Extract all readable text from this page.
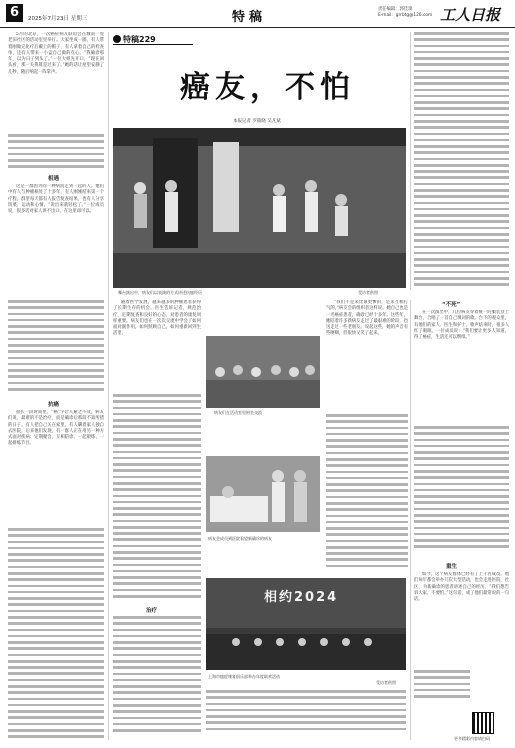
6	2025年7月23日 星期三	特稿
责任编辑：郭佳琦
E-mail：grrbtg@126.com 工人日报
5月的北京，一次癌症病友联谊会在城南一处老旧社区的活动室里举行。大家坐成一圈，有人带着刚做完化疗后戴上的帽子，有人拿着自己的检查单，还有人带来一小盒自己做的点心。“我确诊那年，以为日子到头了。”一位大姐先开口，“现在回头看，那一关我算是过来了。”她的话让屋里安静了几秒，随后响起一阵掌声。
相遇
这是一群因为同一种病而走到一起的人。他们中有人与肿瘤相处了十多年，有人刚刚结束第一个疗程。群里每天都有人报告复查结果，也有人分享饭菜、运动和心情。“说出来就轻松了。”一位成员说，很多话对家人讲不出口，在这里却可以。
抗癌
很长一段时间里，“癌”字让人避之不及。病友们说，最难的不是治疗，而是确诊后那段不知所措的日子。有人把自己关在家里，有人瞒着家人独自去医院。后来他们发现，有一群人正在用另一种方式面对疾病：定期聚会、互相陪诊、一起锻炼、一起排练节目。
特稿229
癌友，不怕
本报记者 罗筱晓 吴凡斌
舞台演出中，病友们以表演的方式讲述抗癌经历	受访者供图
随着医学发展，越来越多的肿瘤患者获得了长期生存的机会。医生告诉记者，规范治疗、定期复查和良好的心态，对患者的康复同样重要。病友们也在一次次交流中学会了如何面对副作用，如何照顾自己，如何重新回到生活里。
治疗
病友们在活动室里围坐交流
病友会成员到医院看望新确诊的病友
相约2024
上海市癌症康复俱乐部举办年度联欢活动
受访者供图
“我们不是来比谁更惨的，是来互相打气的。”病友会的组织者这样说。她自己也是一名癌症患者，确诊已经十多年。这些年，她陪着许多新病友走过了最艰难的阶段，也送走过一些老朋友。说起这些，她的声音有些哽咽，但很快又笑了起来。
“不死”
在一次演出中，几位病友穿着统一的服装登上舞台，合唱了一首自己填词的歌。台下的观众里，有他们的家人、医生和护士。歌声结束时，很多人红了眼眶。一位成员说：“我们要让更多人知道，得了癌症，生活还可以继续。”
重生
如今，这个病友群体已经有了上千名成员。他们每年都会举办几次大型活动，也会走进医院、社区，为新确诊的患者讲述自己的经历。“我们想告诉大家，不要怕。”这句话，成了他们最常说的一句话。
更多精彩内容请扫码
